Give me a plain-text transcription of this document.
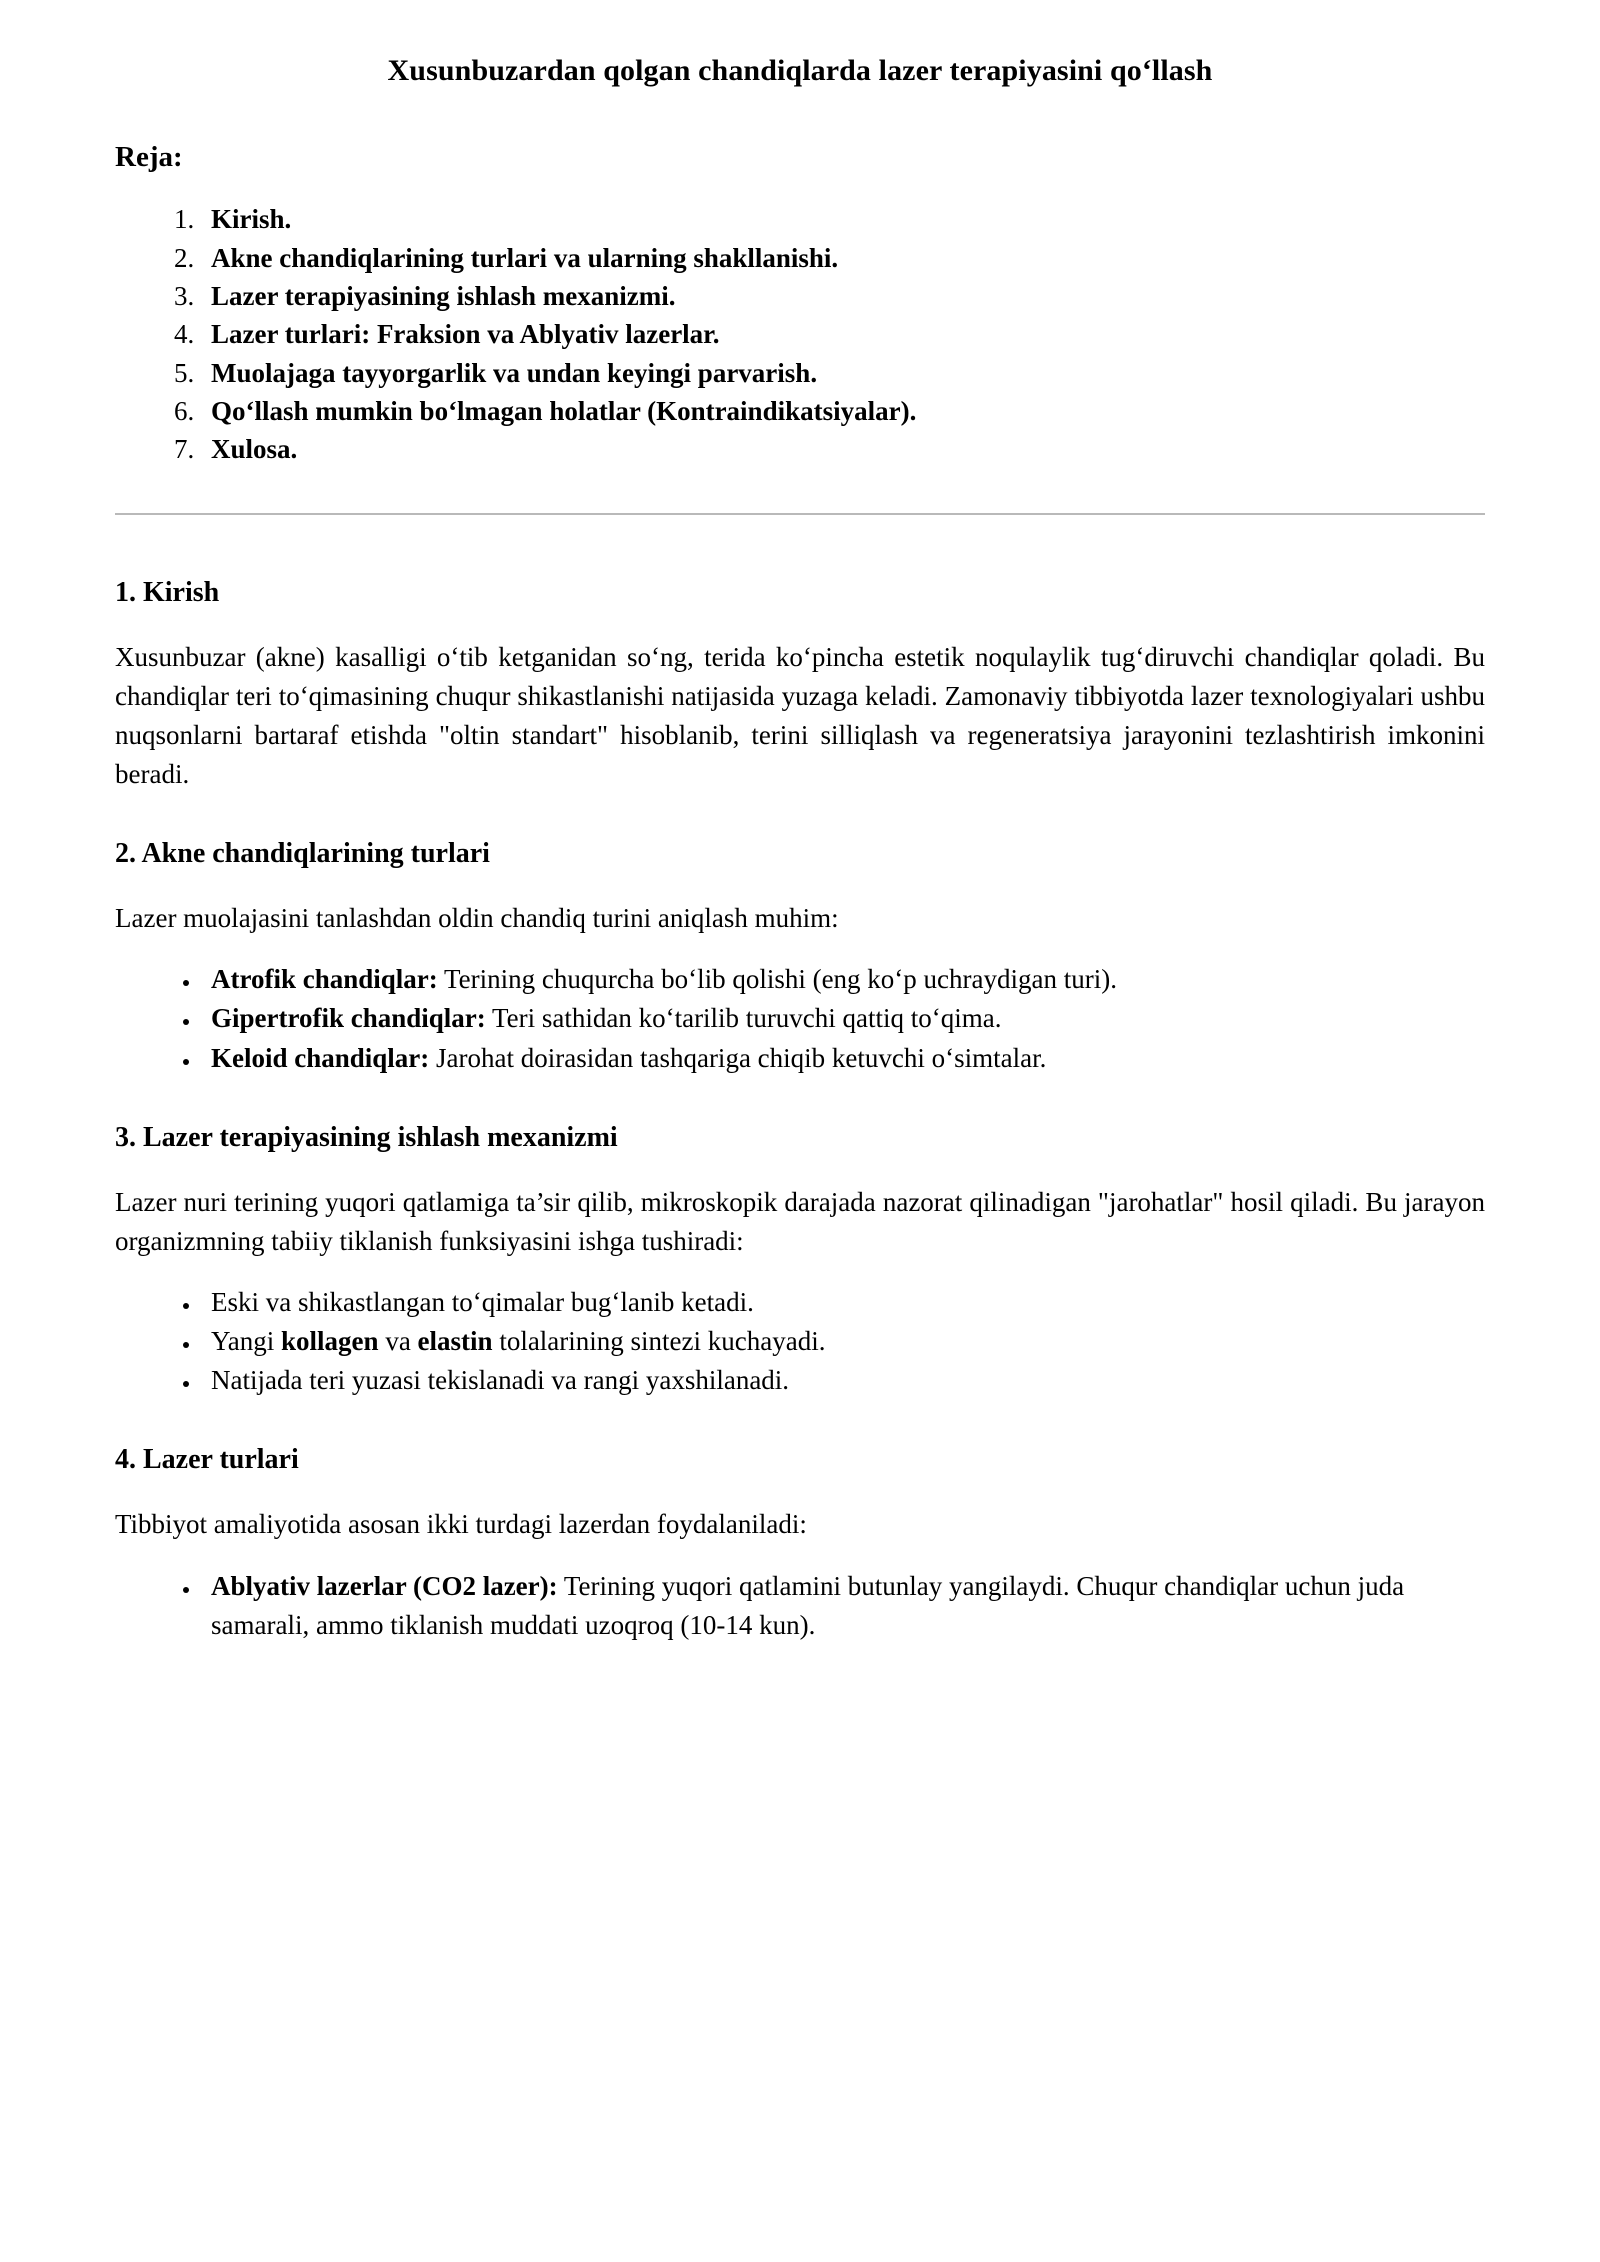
Xusunbuzardan qolgan chandiqlarda lazer terapiyasini qo‘llash
Reja:
1. Kirish.
2. Akne chandiqlarining turlari va ularning shakllanishi.
3. Lazer terapiyasining ishlash mexanizmi.
4. Lazer turlari: Fraksion va Ablyativ lazerlar.
5. Muolajaga tayyorgarlik va undan keyingi parvarish.
6. Qo‘llash mumkin bo‘lmagan holatlar (Kontraindikatsiyalar).
7. Xulosa.
1. Kirish

Xusunbuzar (akne) kasalligi o‘tib ketganidan so‘ng, terida ko‘pincha estetik noqulaylik tug‘diruvchi chandiqlar qoladi. Bu chandiqlar teri to‘qimasining chuqur shikastlanishi natijasida yuzaga keladi. Zamonaviy tibbiyotda lazer texnologiyalari ushbu nuqsonlarni bartaraf etishda "oltin standart" hisoblanib, terini silliqlash va regeneratsiya jarayonini tezlashtirish imkonini beradi.

2. Akne chandiqlarining turlari

Lazer muolajasini tanlashdan oldin chandiq turini aniqlash muhim:

• Atrofik chandiqlar: Terining chuqurcha bo‘lib qolishi (eng ko‘p uchraydigan turi).
• Gipertrofik chandiqlar: Teri sathidan ko‘tarilib turuvchi qattiq to‘qima.
• Keloid chandiqlar: Jarohat doirasidan tashqariga chiqib ketuvchi o‘simtalar.
3. Lazer terapiyasining ishlash mexanizmi

Lazer nuri terining yuqori qatlamiga ta’sir qilib, mikroskopik darajada nazorat qilinadigan "jarohatlar" hosil qiladi. Bu jarayon organizmning tabiiy tiklanish funksiyasini ishga tushiradi:

• Eski va shikastlangan to‘qimalar bug‘lanib ketadi.
• Yangi kollagen va elastin tolalarining sintezi kuchayadi.
• Natijada teri yuzasi tekislanadi va rangi yaxshilanadi.
4. Lazer turlari

Tibbiyot amaliyotida asosan ikki turdagi lazerdan foydalaniladi:

• Ablyativ lazerlar (CO2 lazer): Terining yuqori qatlamini butunlay yangilaydi. Chuqur chandiqlar uchun juda samarali, ammo tiklanish muddati uzoqroq (10-14 kun).
